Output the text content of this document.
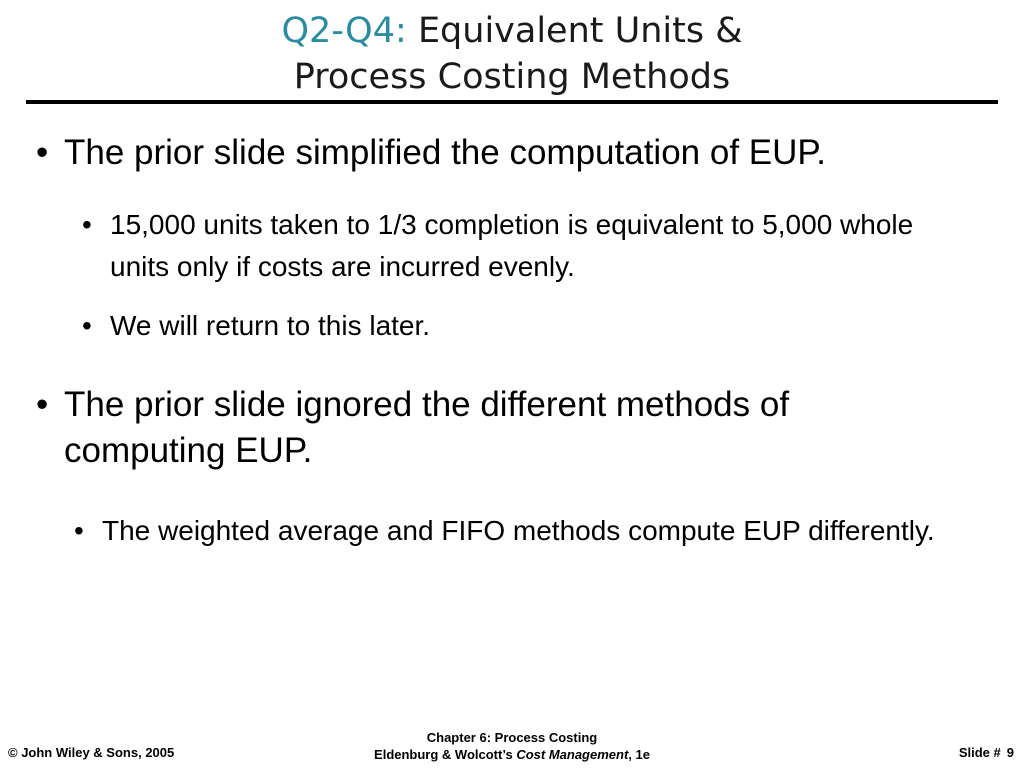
Q2-Q4: Equivalent Units &
Process Costing Methods
• The prior slide simplified the computation of EUP.
• 15,000 units taken to 1/3 completion is equivalent to 5,000 whole units only if costs are incurred evenly.
• We will return to this later.
• The prior slide ignored the different methods of computing EUP.
• The weighted average and FIFO methods compute EUP differently.
© John Wiley & Sons, 2005
Chapter 6: Process Costing
Eldenburg & Wolcott’s Cost Management, 1e	Slide # 9
